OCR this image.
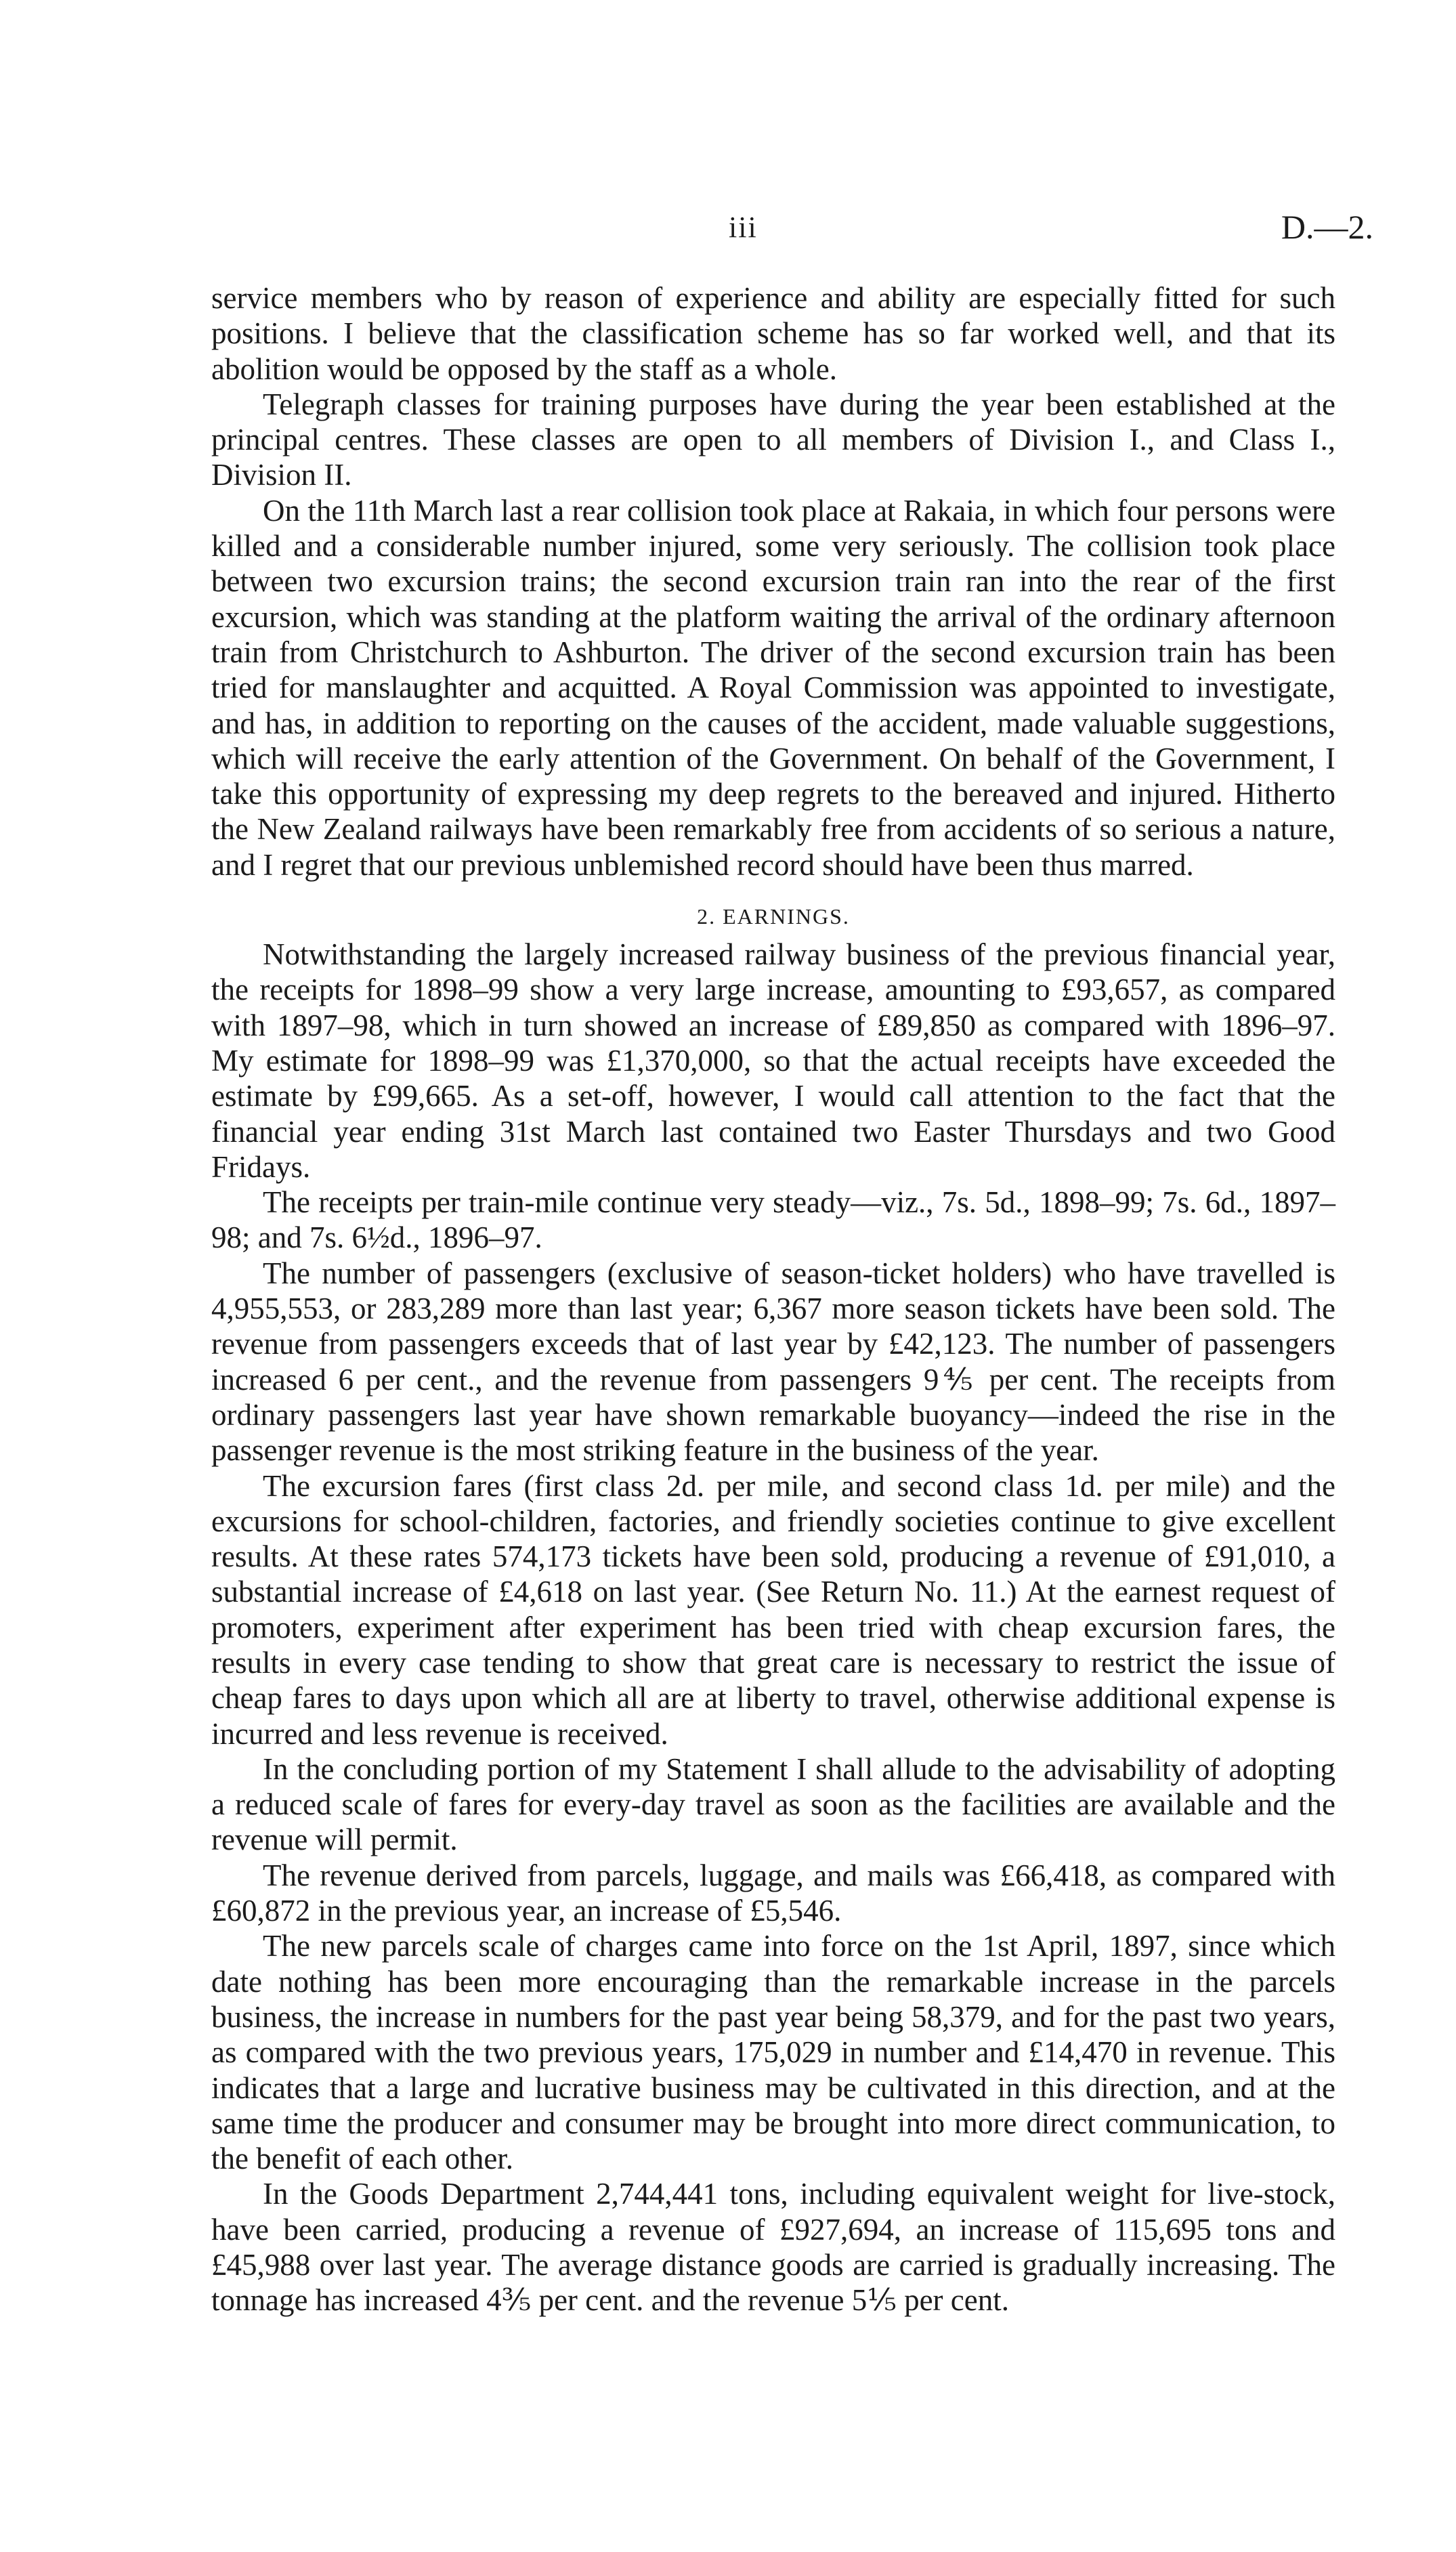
iii	D.—2.

service members who by reason of experience and ability are especially fitted for such positions. I believe that the classification scheme has so far worked well, and that its abolition would be opposed by the staff as a whole.

Telegraph classes for training purposes have during the year been established at the principal centres. These classes are open to all members of Division I., and Class I., Division II.

On the 11th March last a rear collision took place at Rakaia, in which four persons were killed and a considerable number injured, some very seriously. The collision took place between two excursion trains; the second excursion train ran into the rear of the first excursion, which was standing at the platform waiting the arrival of the ordinary afternoon train from Christchurch to Ashburton. The driver of the second excursion train has been tried for manslaughter and acquitted. A Royal Commission was appointed to investigate, and has, in addition to reporting on the causes of the accident, made valuable suggestions, which will receive the early attention of the Government. On behalf of the Government, I take this opportunity of expressing my deep regrets to the bereaved and injured. Hitherto the New Zealand railways have been remarkably free from accidents of so serious a nature, and I regret that our previous unblemished record should have been thus marred.

2. EARNINGS.

Notwithstanding the largely increased railway business of the previous financial year, the receipts for 1898–99 show a very large increase, amounting to £93,657, as compared with 1897–98, which in turn showed an increase of £89,850 as compared with 1896–97. My estimate for 1898–99 was £1,370,000, so that the actual receipts have exceeded the estimate by £99,665. As a set-off, however, I would call attention to the fact that the financial year ending 31st March last contained two Easter Thursdays and two Good Fridays.

The receipts per train-mile continue very steady—viz., 7s. 5d., 1898–99; 7s. 6d., 1897–98; and 7s. 6½d., 1896–97.

The number of passengers (exclusive of season-ticket holders) who have travelled is 4,955,553, or 283,289 more than last year; 6,367 more season tickets have been sold. The revenue from passengers exceeds that of last year by £42,123. The number of passengers increased 6 per cent., and the revenue from passengers 9⅘ per cent. The receipts from ordinary passengers last year have shown remarkable buoyancy—indeed the rise in the passenger revenue is the most striking feature in the business of the year.

The excursion fares (first class 2d. per mile, and second class 1d. per mile) and the excursions for school-children, factories, and friendly societies continue to give excellent results. At these rates 574,173 tickets have been sold, producing a revenue of £91,010, a substantial increase of £4,618 on last year. (See Return No. 11.) At the earnest request of promoters, experiment after experiment has been tried with cheap excursion fares, the results in every case tending to show that great care is necessary to restrict the issue of cheap fares to days upon which all are at liberty to travel, otherwise additional expense is incurred and less revenue is received.

In the concluding portion of my Statement I shall allude to the advisability of adopting a reduced scale of fares for every-day travel as soon as the facilities are available and the revenue will permit.

The revenue derived from parcels, luggage, and mails was £66,418, as compared with £60,872 in the previous year, an increase of £5,546.

The new parcels scale of charges came into force on the 1st April, 1897, since which date nothing has been more encouraging than the remarkable increase in the parcels business, the increase in numbers for the past year being 58,379, and for the past two years, as compared with the two previous years, 175,029 in number and £14,470 in revenue. This indicates that a large and lucrative business may be cultivated in this direction, and at the same time the producer and consumer may be brought into more direct communication, to the benefit of each other.

In the Goods Department 2,744,441 tons, including equivalent weight for live-stock, have been carried, producing a revenue of £927,694, an increase of 115,695 tons and £45,988 over last year. The average distance goods are carried is gradually increasing. The tonnage has increased 4⅗ per cent. and the revenue 5⅕ per cent.
